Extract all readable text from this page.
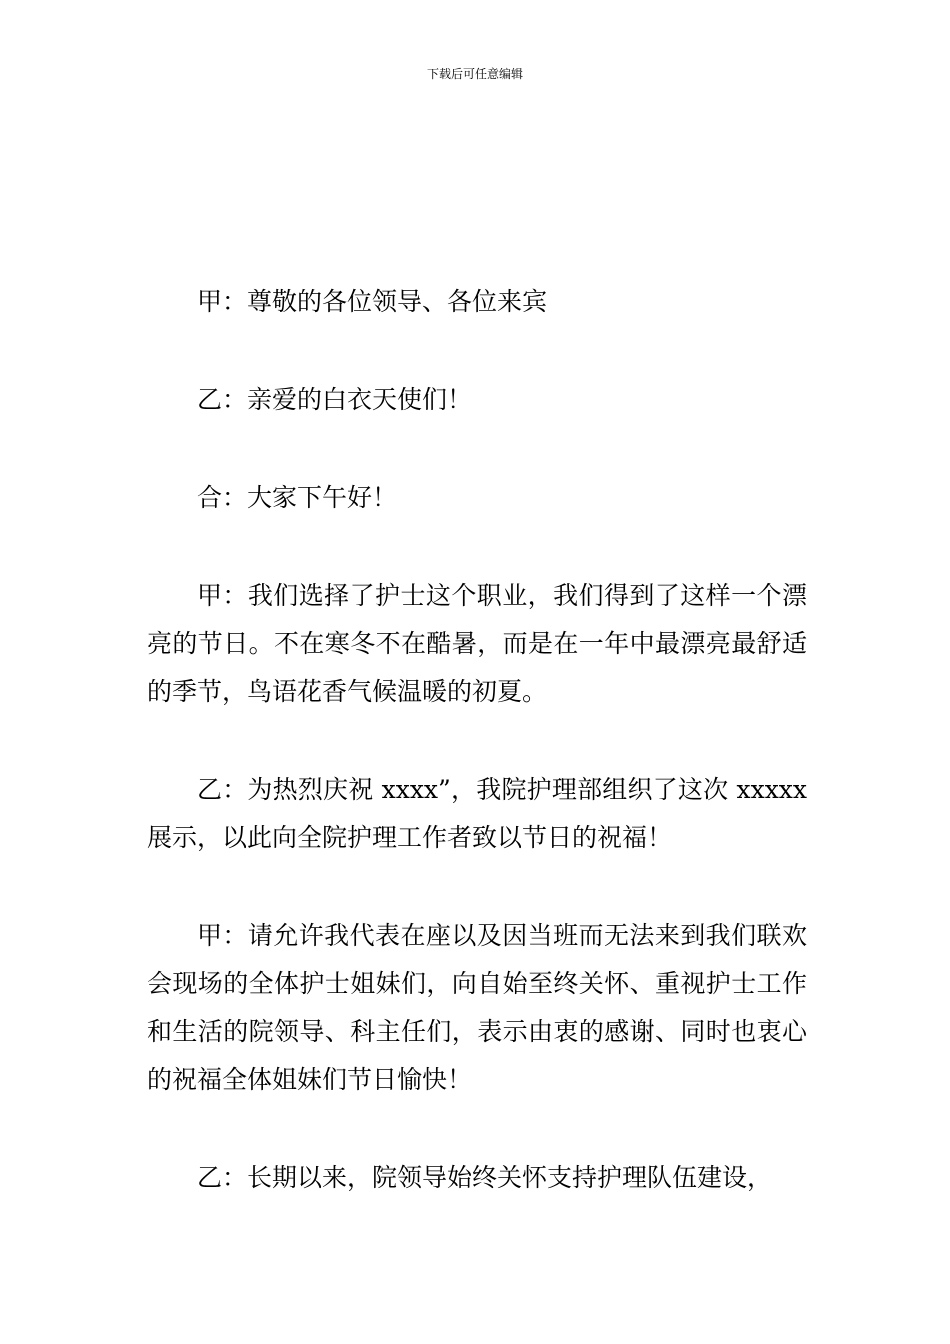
下载后可任意编辑

甲：尊敬的各位领导、各位来宾

乙：亲爱的白衣天使们！

合：大家下午好！

甲：我们选择了护士这个职业，我们得到了这样一个漂亮的节日。不在寒冬不在酷暑，而是在一年中最漂亮最舒适的季节，鸟语花香气候温暖的初夏。

乙：为热烈庆祝 xxxx”，我院护理部组织了这次 xxxxx 展示，以此向全院护理工作者致以节日的祝福！

甲：请允许我代表在座以及因当班而无法来到我们联欢会现场的全体护士姐妹们，向自始至终关怀、重视护士工作和生活的院领导、科主任们，表示由衷的感谢、同时也衷心的祝福全体姐妹们节日愉快！

乙：长期以来，院领导始终关怀支持护理队伍建设，
